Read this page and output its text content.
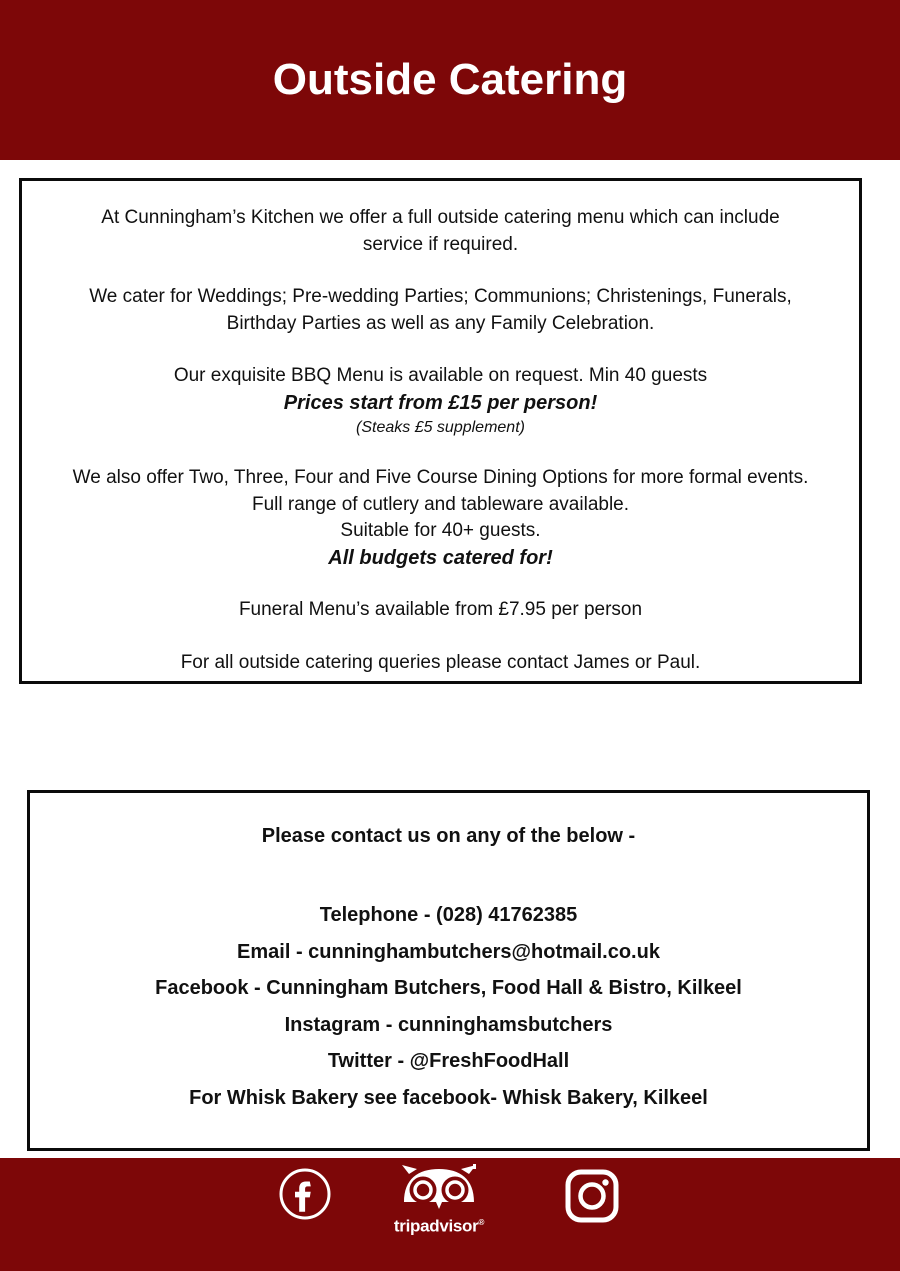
Outside Catering

At Cunningham’s Kitchen we offer a full outside catering menu which can include

service if required.

We cater for Weddings; Pre-wedding Parties; Communions; Christenings, Funerals,

Birthday Parties as well as any Family Celebration.

Our exquisite BBQ Menu is available on request. Min 40 guests

Prices start from £15 per person!

(Steaks £5 supplement)

We also offer Two, Three, Four and Five Course Dining Options for more formal events.

Full range of cutlery and tableware available.

Suitable for 40+ guests.

All budgets catered for!

Funeral Menu’s available from £7.95 per person

For all outside catering queries please contact James or Paul.

Please contact us on any of the below -

Telephone - (028) 41762385

Email - cunninghambutchers@hotmail.co.uk

Facebook - Cunningham Butchers, Food Hall & Bistro, Kilkeel

Instagram - cunninghamsbutchers

Twitter - @FreshFoodHall

For Whisk Bakery see facebook- Whisk Bakery, Kilkeel

tripadvisor®
